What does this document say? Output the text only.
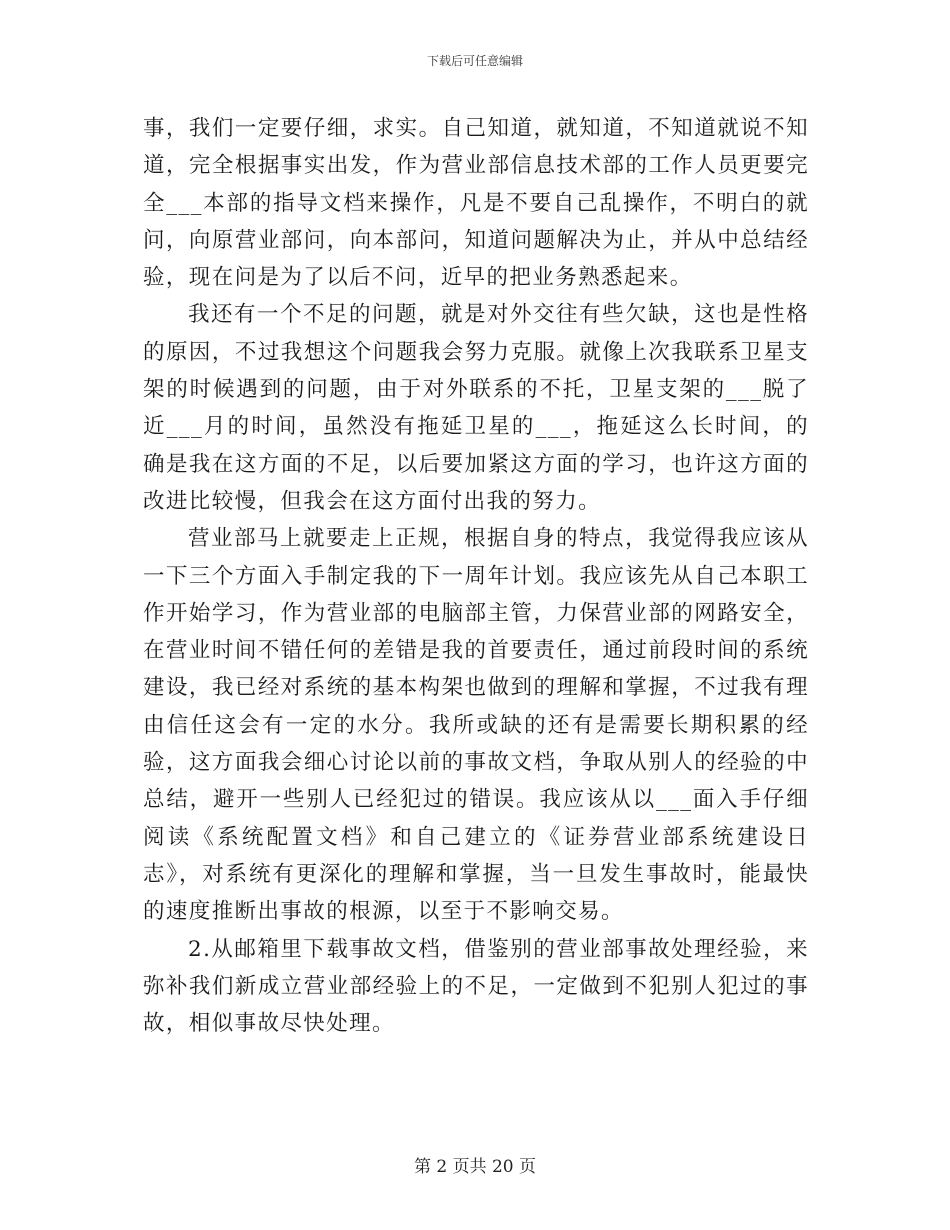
下载后可任意编辑

事，我们一定要仔细，求实。自己知道，就知道，不知道就说不知道，完全根据事实出发，作为营业部信息技术部的工作人员更要完全___本部的指导文档来操作，凡是不要自己乱操作，不明白的就问，向原营业部问，向本部问，知道问题解决为止，并从中总结经验，现在问是为了以后不问，近早的把业务熟悉起来。

我还有一个不足的问题，就是对外交往有些欠缺，这也是性格的原因，不过我想这个问题我会努力克服。就像上次我联系卫星支架的时候遇到的问题，由于对外联系的不托，卫星支架的___脱了近___月的时间，虽然没有拖延卫星的___，拖延这么长时间，的确是我在这方面的不足，以后要加紧这方面的学习，也许这方面的改进比较慢，但我会在这方面付出我的努力。

营业部马上就要走上正规，根据自身的特点，我觉得我应该从一下三个方面入手制定我的下一周年计划。我应该先从自己本职工作开始学习，作为营业部的电脑部主管，力保营业部的网路安全，在营业时间不错任何的差错是我的首要责任，通过前段时间的系统建设，我已经对系统的基本构架也做到的理解和掌握，不过我有理由信任这会有一定的水分。我所或缺的还有是需要长期积累的经验，这方面我会细心讨论以前的事故文档，争取从别人的经验的中总结，避开一些别人已经犯过的错误。我应该从以___面入手仔细阅读《系统配置文档》和自己建立的《证券营业部系统建设日志》，对系统有更深化的理解和掌握，当一旦发生事故时，能最快的速度推断出事故的根源，以至于不影响交易。

2.从邮箱里下载事故文档，借鉴别的营业部事故处理经验，来弥补我们新成立营业部经验上的不足，一定做到不犯别人犯过的事故，相似事故尽快处理。

第 2 页共 20 页
